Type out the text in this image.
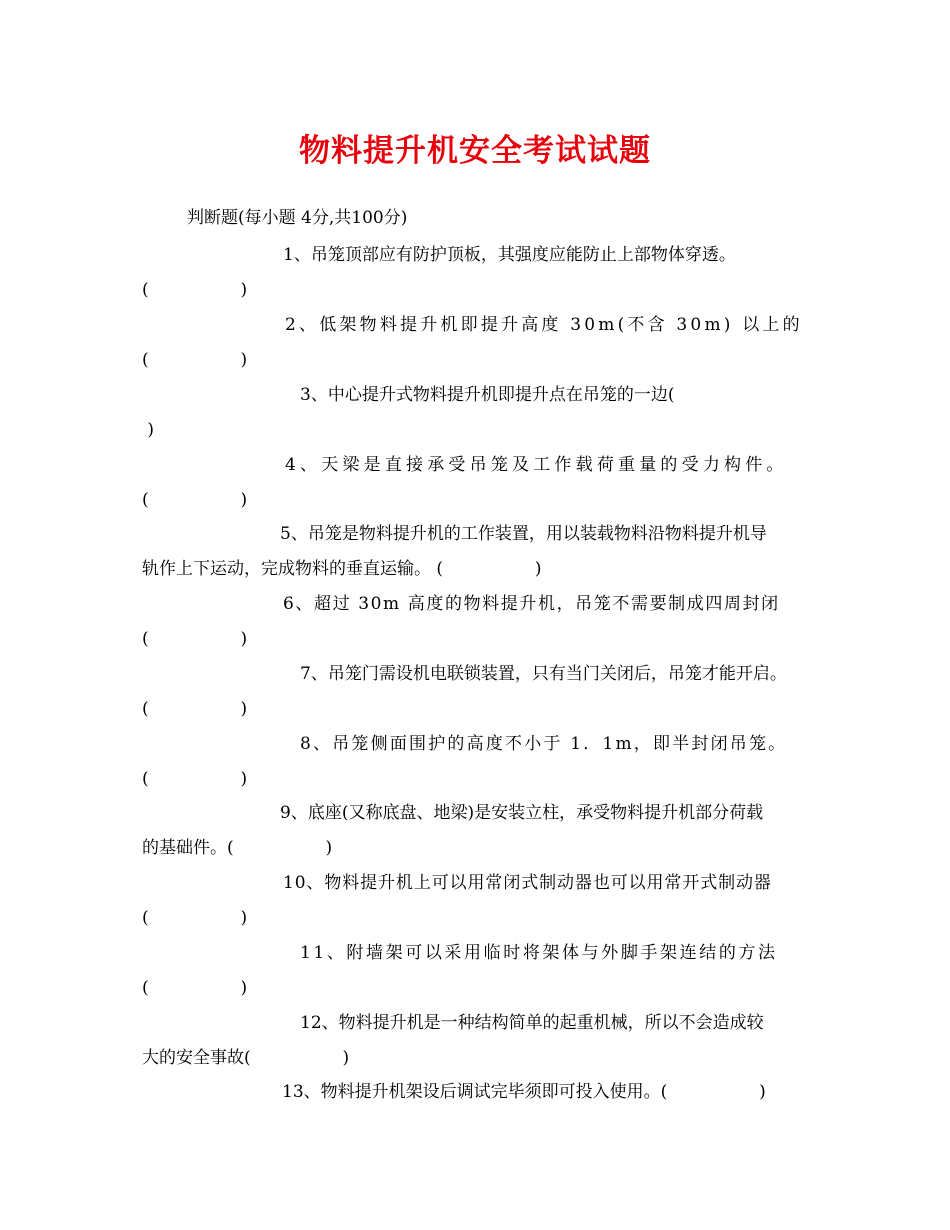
物料提升机安全考试试题
判断题(每小题 4分,共100分)
1、吊笼顶部应有防护顶板，其强度应能防止上部物体穿透。
(                 )
2、低架物料提升机即提升高度 30m(不含 30m) 以上的
(                 )
3、中心提升式物料提升机即提升点在吊笼的一边(
)
4、天梁是直接承受吊笼及工作载荷重量的受力构件。
(                 )
5、吊笼是物料提升机的工作装置，用以装载物料沿物料提升机导
轨作上下运动，完成物料的垂直运输。 (                 )
6、超过 30m 高度的物料提升机，吊笼不需要制成四周封闭
(                 )
7、吊笼门需设机电联锁装置，只有当门关闭后，吊笼才能开启。
(                 )
8、吊笼侧面围护的高度不小于 1．1m，即半封闭吊笼。
(                 )
9、底座(又称底盘、地梁)是安装立柱，承受物料提升机部分荷载
的基础件。(                 )
10、物料提升机上可以用常闭式制动器也可以用常开式制动器
(                 )
11、附墙架可以采用临时将架体与外脚手架连结的方法
(                 )
12、物料提升机是一种结构简单的起重机械，所以不会造成较
大的安全事故(                 )
13、物料提升机架设后调试完毕须即可投入使用。(                 )
